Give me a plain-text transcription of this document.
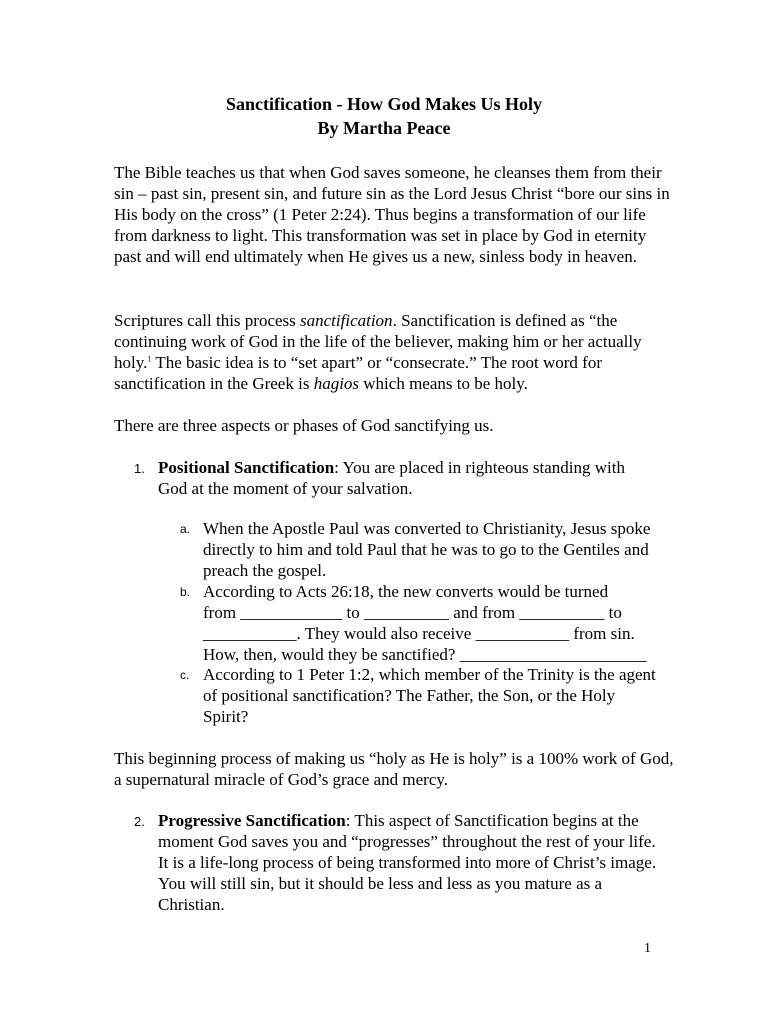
Sanctification - How God Makes Us Holy
By Martha Peace
The Bible teaches us that when God saves someone, he cleanses them from their sin – past sin, present sin, and future sin as the Lord Jesus Christ “bore our sins in His body on the cross” (1 Peter 2:24). Thus begins a transformation of our life from darkness to light. This transformation was set in place by God in eternity past and will end ultimately when He gives us a new, sinless body in heaven.
Scriptures call this process sanctification. Sanctification is defined as “the continuing work of God in the life of the believer, making him or her actually holy.$^1$ The basic idea is to “set apart” or “consecrate.” The root word for sanctification in the Greek is hagios which means to be holy.
There are three aspects or phases of God sanctifying us.
1. Positional Sanctification: You are placed in righteous standing with God at the moment of your salvation.
a. When the Apostle Paul was converted to Christianity, Jesus spoke directly to him and told Paul that he was to go to the Gentiles and preach the gospel.
b. According to Acts 26:18, the new converts would be turned
from ____________ to __________ and from __________ to
___________. They would also receive ___________ from sin.
How, then, would they be sanctified? ______________________
c. According to 1 Peter 1:2, which member of the Trinity is the agent of positional sanctification? The Father, the Son, or the Holy Spirit?
This beginning process of making us “holy as He is holy” is a 100% work of God, a supernatural miracle of God’s grace and mercy.
2. Progressive Sanctification: This aspect of Sanctification begins at the moment God saves you and “progresses” throughout the rest of your life. It is a life-long process of being transformed into more of Christ’s image. You will still sin, but it should be less and less as you mature as a Christian.
1
